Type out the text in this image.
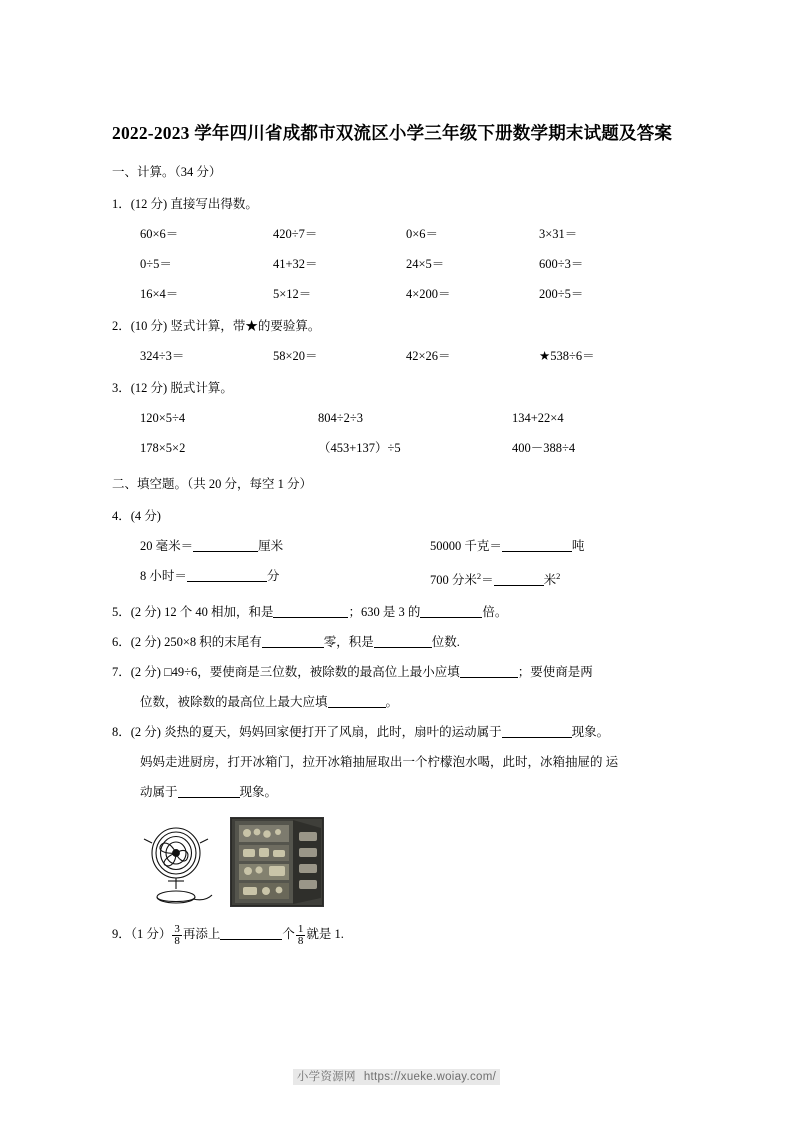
2022-2023 学年四川省成都市双流区小学三年级下册数学期末试题及答案
一、计算。（34 分）
1．(12 分) 直接写出得数。
60×6＝	420÷7＝	0×6＝	3×31＝
0÷5＝	41+32＝	24×5＝	600÷3＝
16×4＝	5×12＝	4×200＝	200÷5＝
2．(10 分) 竖式计算，带★的要验算。
324÷3＝	58×20＝	42×26＝	★538÷6＝
3．(12 分) 脱式计算。
120×5÷4	804÷2÷3	134+22×4
178×5×2	（453+137）÷5	400－388÷4
二、填空题。（共 20 分，每空 1 分）
4．(4 分)
20 毫米＝	厘米	50000 千克＝	吨
8 小时＝	分	700 分米$^2$＝	米$^2$
5．(2 分) 12 个 40 相加，和是	；630 是 3 的	倍。
6．(2 分) 250×8 积的末尾有	零，积是	位数.
7．(2 分) □49÷6，要使商是三位数，被除数的最高位上最小应填	；要使商是两
位数，被除数的最高位上最大应填	。
8．(2 分) 炎热的夏天，妈妈回家便打开了风扇，此时，扇叶的运动属于	现象。
妈妈走进厨房，打开冰箱门，拉开冰箱抽屉取出一个柠檬泡水喝，此时，冰箱抽屉的 运
动属于	现象。
9．（1 分） $\frac{3}{8}$ 再添上	个 $\frac{1}{8}$ 就是 1.
小学资源网 https://xueke.woiay.com/
